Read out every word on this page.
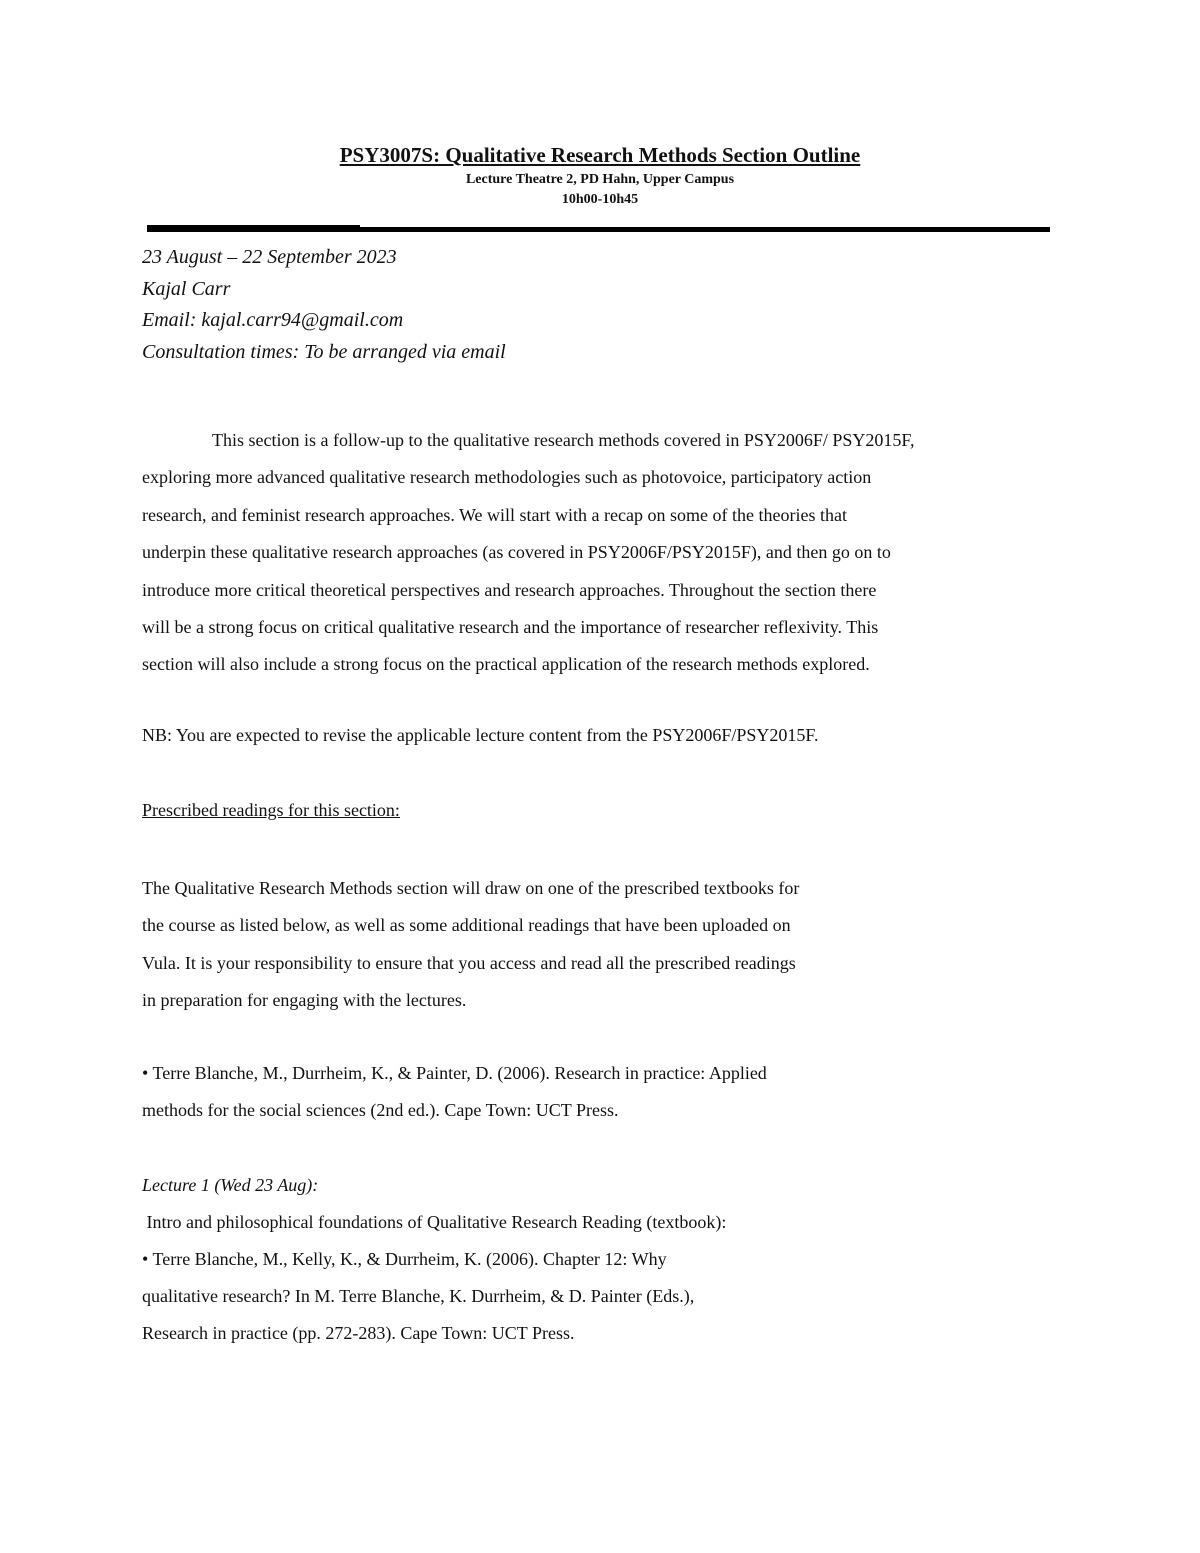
PSY3007S: Qualitative Research Methods Section Outline

Lecture Theatre 2, PD Hahn, Upper Campus

10h00-10h45

23 August – 22 September 2023
Kajal Carr
Email: kajal.carr94@gmail.com
Consultation times: To be arranged via email
This section is a follow-up to the qualitative research methods covered in PSY2006F/ PSY2015F,
exploring more advanced qualitative research methodologies such as photovoice, participatory action
research, and feminist research approaches. We will start with a recap on some of the theories that
underpin these qualitative research approaches (as covered in PSY2006F/PSY2015F), and then go on to
introduce more critical theoretical perspectives and research approaches. Throughout the section there
will be a strong focus on critical qualitative research and the importance of researcher reflexivity. This
section will also include a strong focus on the practical application of the research methods explored.
NB: You are expected to revise the applicable lecture content from the PSY2006F/PSY2015F.
Prescribed readings for this section:
The Qualitative Research Methods section will draw on one of the prescribed textbooks for
the course as listed below, as well as some additional readings that have been uploaded on
Vula. It is your responsibility to ensure that you access and read all the prescribed readings
in preparation for engaging with the lectures.
• Terre Blanche, M., Durrheim, K., & Painter, D. (2006). Research in practice: Applied
methods for the social sciences (2nd ed.). Cape Town: UCT Press.
Lecture 1 (Wed 23 Aug):
Intro and philosophical foundations of Qualitative Research Reading (textbook):
• Terre Blanche, M., Kelly, K., & Durrheim, K. (2006). Chapter 12: Why
qualitative research? In M. Terre Blanche, K. Durrheim, & D. Painter (Eds.),
Research in practice (pp. 272-283). Cape Town: UCT Press.
